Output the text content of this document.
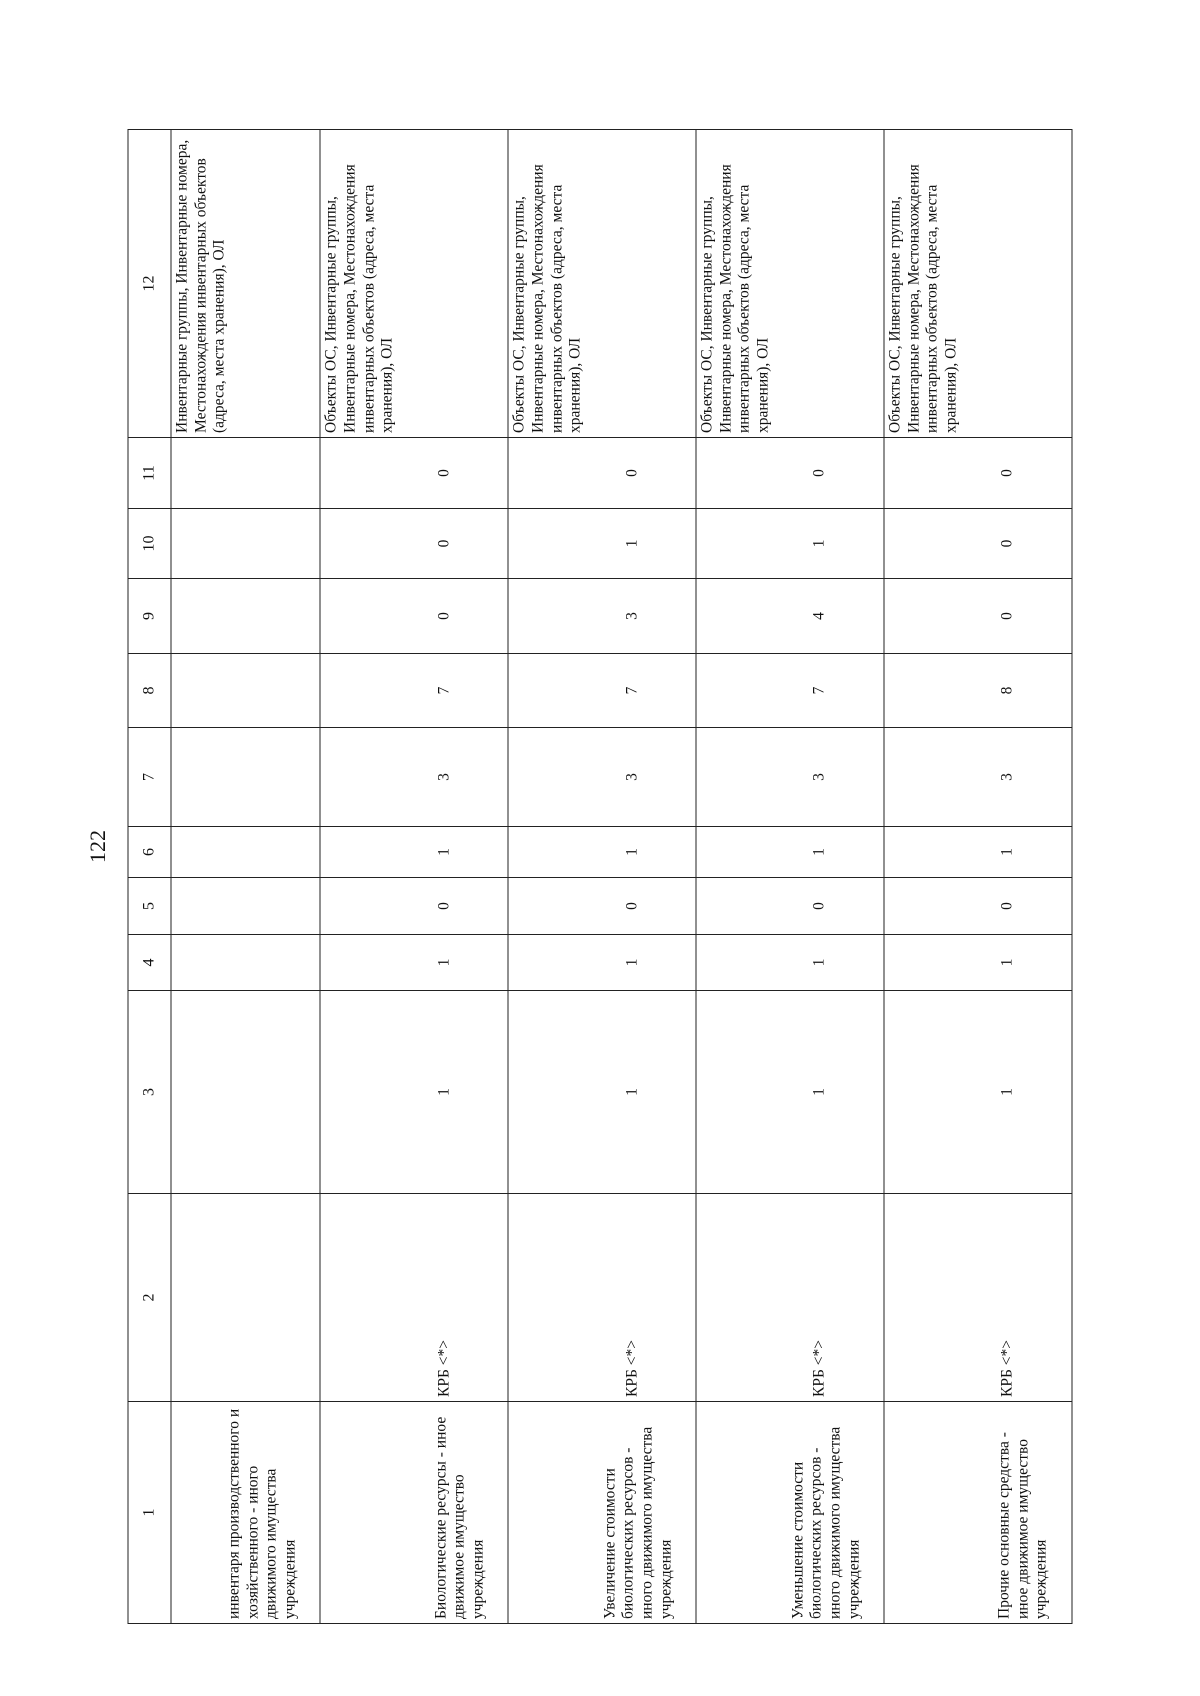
122
1	2	3	4	5	6	7	8	9	10	11	12
инвентаря производственного и хозяйственного - иного движимого имущества учреждения											Инвентарные группы, Инвентарные номера, Местонахождения инвентарных объектов (адреса, места хранения), ОЛ
Биологические ресурсы - иное движимое имущество учреждения	КРБ <*>	1	1	0	1	3	7	0	0	0	Объекты ОС, Инвентарные группы, Инвентарные номера, Местонахождения инвентарных объектов (адреса, места хранения), ОЛ
Увеличение стоимости биологических ресурсов - иного движимого имущества учреждения	КРБ <*>	1	1	0	1	3	7	3	1	0	Объекты ОС, Инвентарные группы, Инвентарные номера, Местонахождения инвентарных объектов (адреса, места хранения), ОЛ
Уменьшение стоимости биологических ресурсов - иного движимого имущества учреждения	КРБ <*>	1	1	0	1	3	7	4	1	0	Объекты ОС, Инвентарные группы, Инвентарные номера, Местонахождения инвентарных объектов (адреса, места хранения), ОЛ
Прочие основные средства - иное движимое имущество учреждения	КРБ <*>	1	1	0	1	3	8	0	0	0	Объекты ОС, Инвентарные группы, Инвентарные номера, Местонахождения инвентарных объектов (адреса, места хранения), ОЛ
